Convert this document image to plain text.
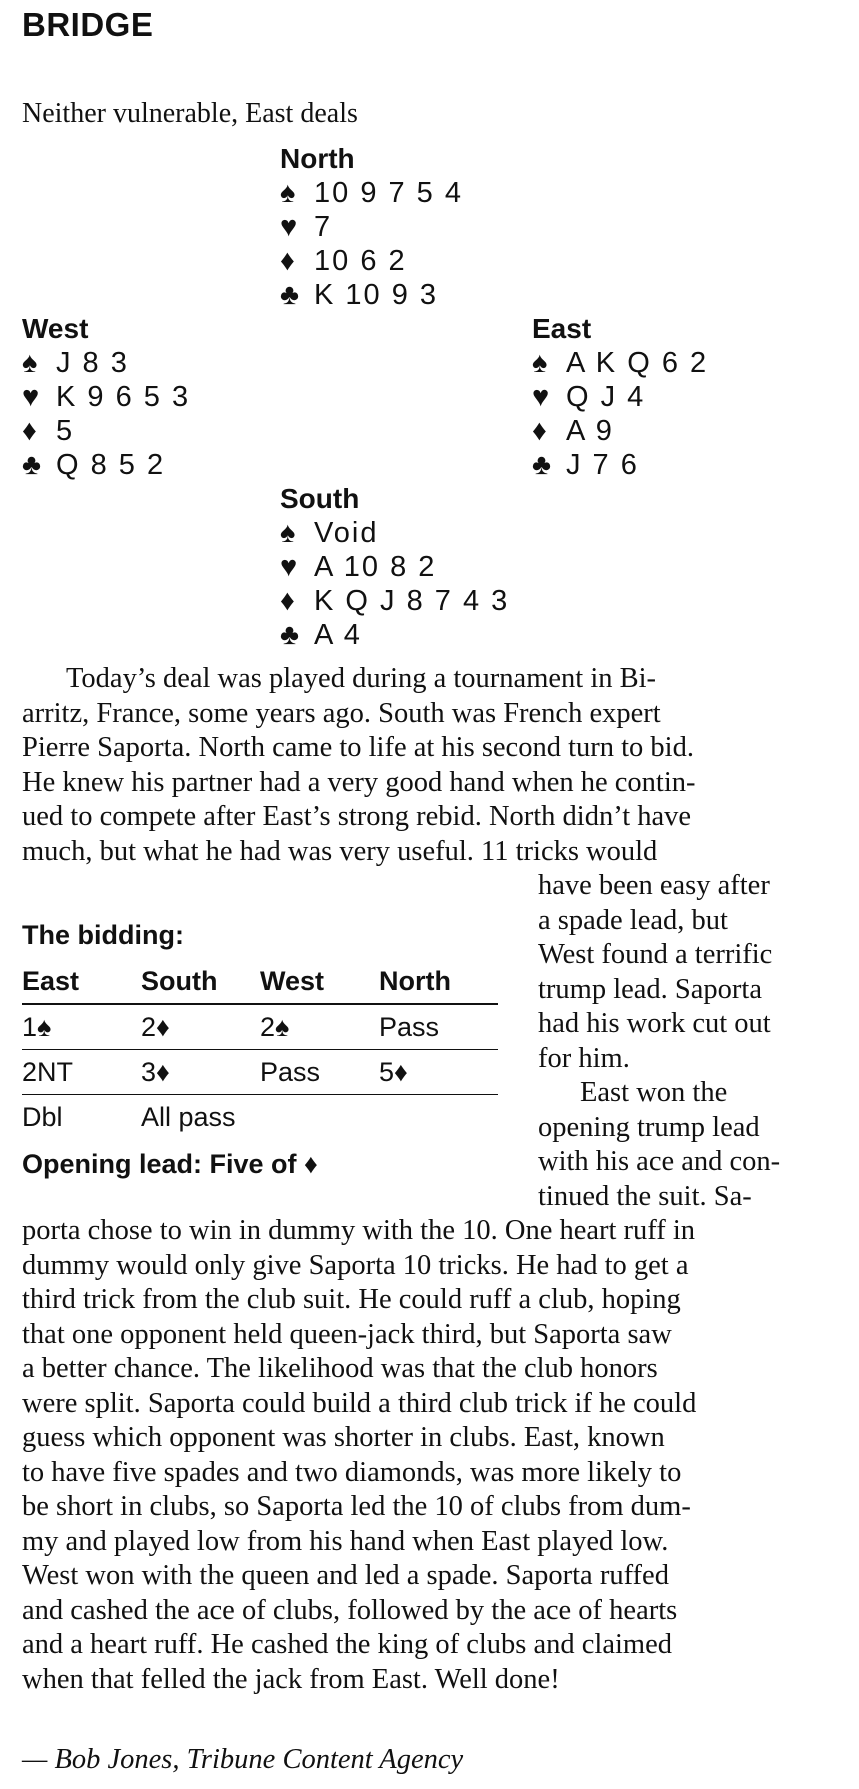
BRIDGE
Neither vulnerable, East deals
North
♠ 10 9 7 5 4
♥ 7
♦ 10 6 2
♣ K 10 9 3
West
♠ J 8 3
♥ K 9 6 5 3
♦ 5
♣ Q 8 5 2
East
♠ A K Q 6 2
♥ Q J 4
♦ A 9
♣ J 7 6
South
♠ Void
♥ A 10 8 2
♦ K Q J 8 7 4 3
♣ A 4
Today’s deal was played during a tournament in Bi-
arritz, France, some years ago. South was French expert
Pierre Saporta. North came to life at his second turn to bid.
He knew his partner had a very good hand when he contin-
ued to compete after East’s strong rebid. North didn’t have
much, but what he had was very useful. 11 tricks would
have been easy after
a spade lead, but
West found a terrific
trump lead. Saporta
had his work cut out
for him.
East won the
opening trump lead
with his ace and con-
tinued the suit. Sa-
porta chose to win in dummy with the 10. One heart ruff in
dummy would only give Saporta 10 tricks. He had to get a
third trick from the club suit. He could ruff a club, hoping
that one opponent held queen-jack third, but Saporta saw
a better chance. The likelihood was that the club honors
were split. Saporta could build a third club trick if he could
guess which opponent was shorter in clubs. East, known
to have five spades and two diamonds, was more likely to
be short in clubs, so Saporta led the 10 of clubs from dum-
my and played low from his hand when East played low.
West won with the queen and led a spade. Saporta ruffed
and cashed the ace of clubs, followed by the ace of hearts
and a heart ruff. He cashed the king of clubs and claimed
when that felled the jack from East. Well done!
The bidding:
East	South	West	North
1♠	2♦	2♠	Pass
2NT	3♦	Pass	5♦
Dbl	All pass		
Opening lead: Five of ♦
— Bob Jones, Tribune Content Agency
